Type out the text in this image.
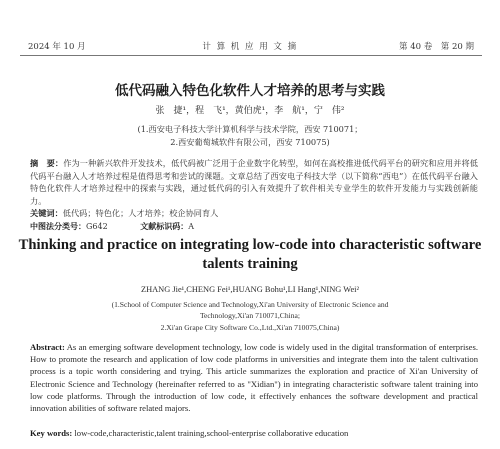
2024 年 10 月	计 算 机 应 用 文 摘	第 40 卷　第 20 期
低代码融入特色化软件人才培养的思考与实践
张　捷¹，程　飞¹，黄伯虎¹，李　航¹，宁　伟²
(1.西安电子科技大学计算机科学与技术学院，西安 710071；
2.西安葡萄城软件有限公司，西安 710075)
摘　要：作为一种新兴软件开发技术，低代码被广泛用于企业数字化转型，如何在高校推进低代码平台的研究和应用并将低代码平台融入人才培养过程是值得思考和尝试的课题。文章总结了西安电子科技大学（以下简称“西电”）在低代码平台融入特色化软件人才培养过程中的探索与实践，通过低代码的引入有效提升了软件相关专业学生的软件开发能力与实践创新能力。
关键词：低代码；特色化；人才培养；校企协同育人
中图法分类号：G642	文献标识码：A
Thinking and practice on integrating low-code into characteristic software talents training
ZHANG Jie¹,CHENG Fei¹,HUANG Bohu¹,LI Hang¹,NING Wei²
(1.School of Computer Science and Technology,Xi'an University of Electronic Science and
Technology,Xi'an 710071,China;
2.Xi'an Grape City Software Co.,Ltd.,Xi'an 710075,China)
Abstract: As an emerging software development technology, low code is widely used in the digital transformation of enterprises. How to promote the research and application of low code platforms in universities and integrate them into the talent cultivation process is a topic worth considering and trying. This article summarizes the exploration and practice of Xi'an University of Electronic Science and Technology (hereinafter referred to as "Xidian") in integrating characteristic software talent training into low code platforms. Through the introduction of low code, it effectively enhances the software development and practical innovation abilities of software related majors.
Key words: low-code,characteristic,talent training,school-enterprise collaborative education
